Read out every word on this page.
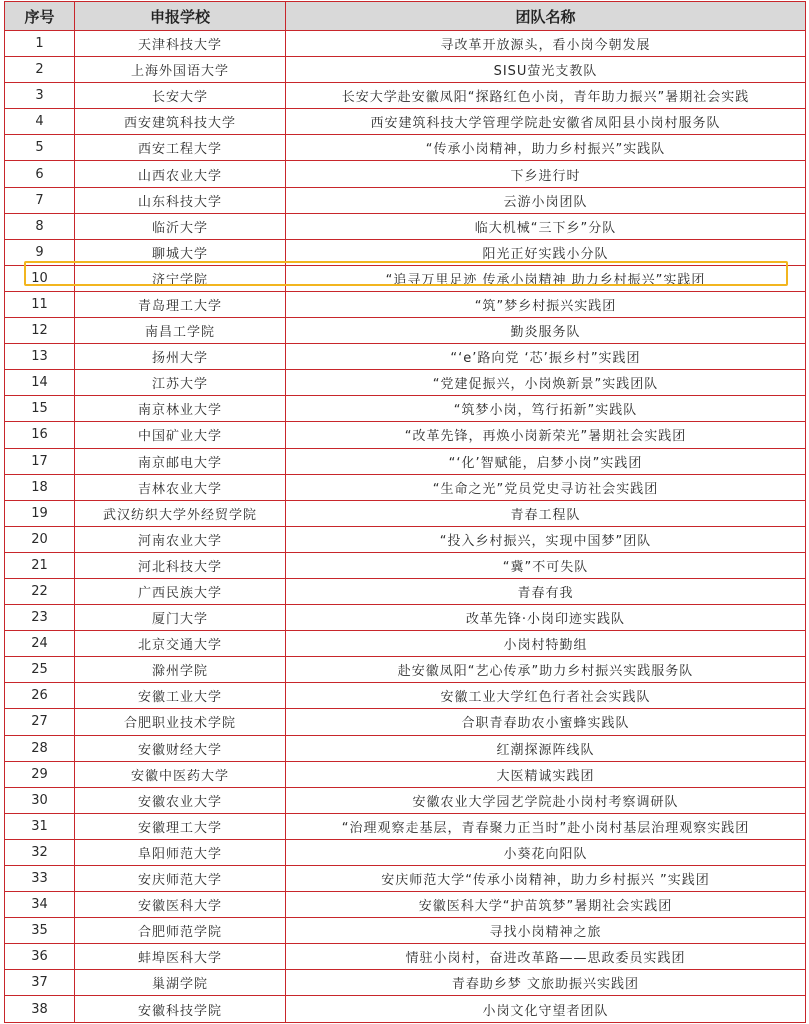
序号	申报学校	团队名称
1	天津科技大学	寻改革开放源头，看小岗今朝发展
2	上海外国语大学	SISU萤光支教队
3	长安大学	长安大学赴安徽凤阳“探路红色小岗，青年助力振兴”暑期社会实践
4	西安建筑科技大学	西安建筑科技大学管理学院赴安徽省凤阳县小岗村服务队
5	西安工程大学	“传承小岗精神，助力乡村振兴”实践队
6	山西农业大学	下乡进行时
7	山东科技大学	云游小岗团队
8	临沂大学	临大机械“三下乡”分队
9	聊城大学	阳光正好实践小分队
10	济宁学院	“追寻万里足迹 传承小岗精神 助力乡村振兴”实践团
11	青岛理工大学	“筑”梦乡村振兴实践团
12	南昌工学院	勤炎服务队
13	扬州大学	“‘e’路向党 ‘芯’振乡村”实践团
14	江苏大学	“党建促振兴，小岗焕新景”实践团队
15	南京林业大学	“筑梦小岗，笃行拓新”实践队
16	中国矿业大学	“改革先锋，再焕小岗新荣光”暑期社会实践团
17	南京邮电大学	“‘化’智赋能，启梦小岗”实践团
18	吉林农业大学	“生命之光”党员党史寻访社会实践团
19	武汉纺织大学外经贸学院	青春工程队
20	河南农业大学	“投入乡村振兴，实现中国梦”团队
21	河北科技大学	“冀”不可失队
22	广西民族大学	青春有我
23	厦门大学	改革先锋·小岗印迹实践队
24	北京交通大学	小岗村特勤组
25	滁州学院	赴安徽凤阳“艺心传承”助力乡村振兴实践服务队
26	安徽工业大学	安徽工业大学红色行者社会实践队
27	合肥职业技术学院	合职青春助农小蜜蜂实践队
28	安徽财经大学	红潮探源阵线队
29	安徽中医药大学	大医精诚实践团
30	安徽农业大学	安徽农业大学园艺学院赴小岗村考察调研队
31	安徽理工大学	“治理观察走基层，青春聚力正当时”赴小岗村基层治理观察实践团
32	阜阳师范大学	小葵花向阳队
33	安庆师范大学	安庆师范大学“传承小岗精神，助力乡村振兴 ”实践团
34	安徽医科大学	安徽医科大学“护苗筑梦”暑期社会实践团
35	合肥师范学院	寻找小岗精神之旅
36	蚌埠医科大学	情驻小岗村，奋进改革路——思政委员实践团
37	巢湖学院	青春助乡梦 文旅助振兴实践团
38	安徽科技学院	小岗文化守望者团队
